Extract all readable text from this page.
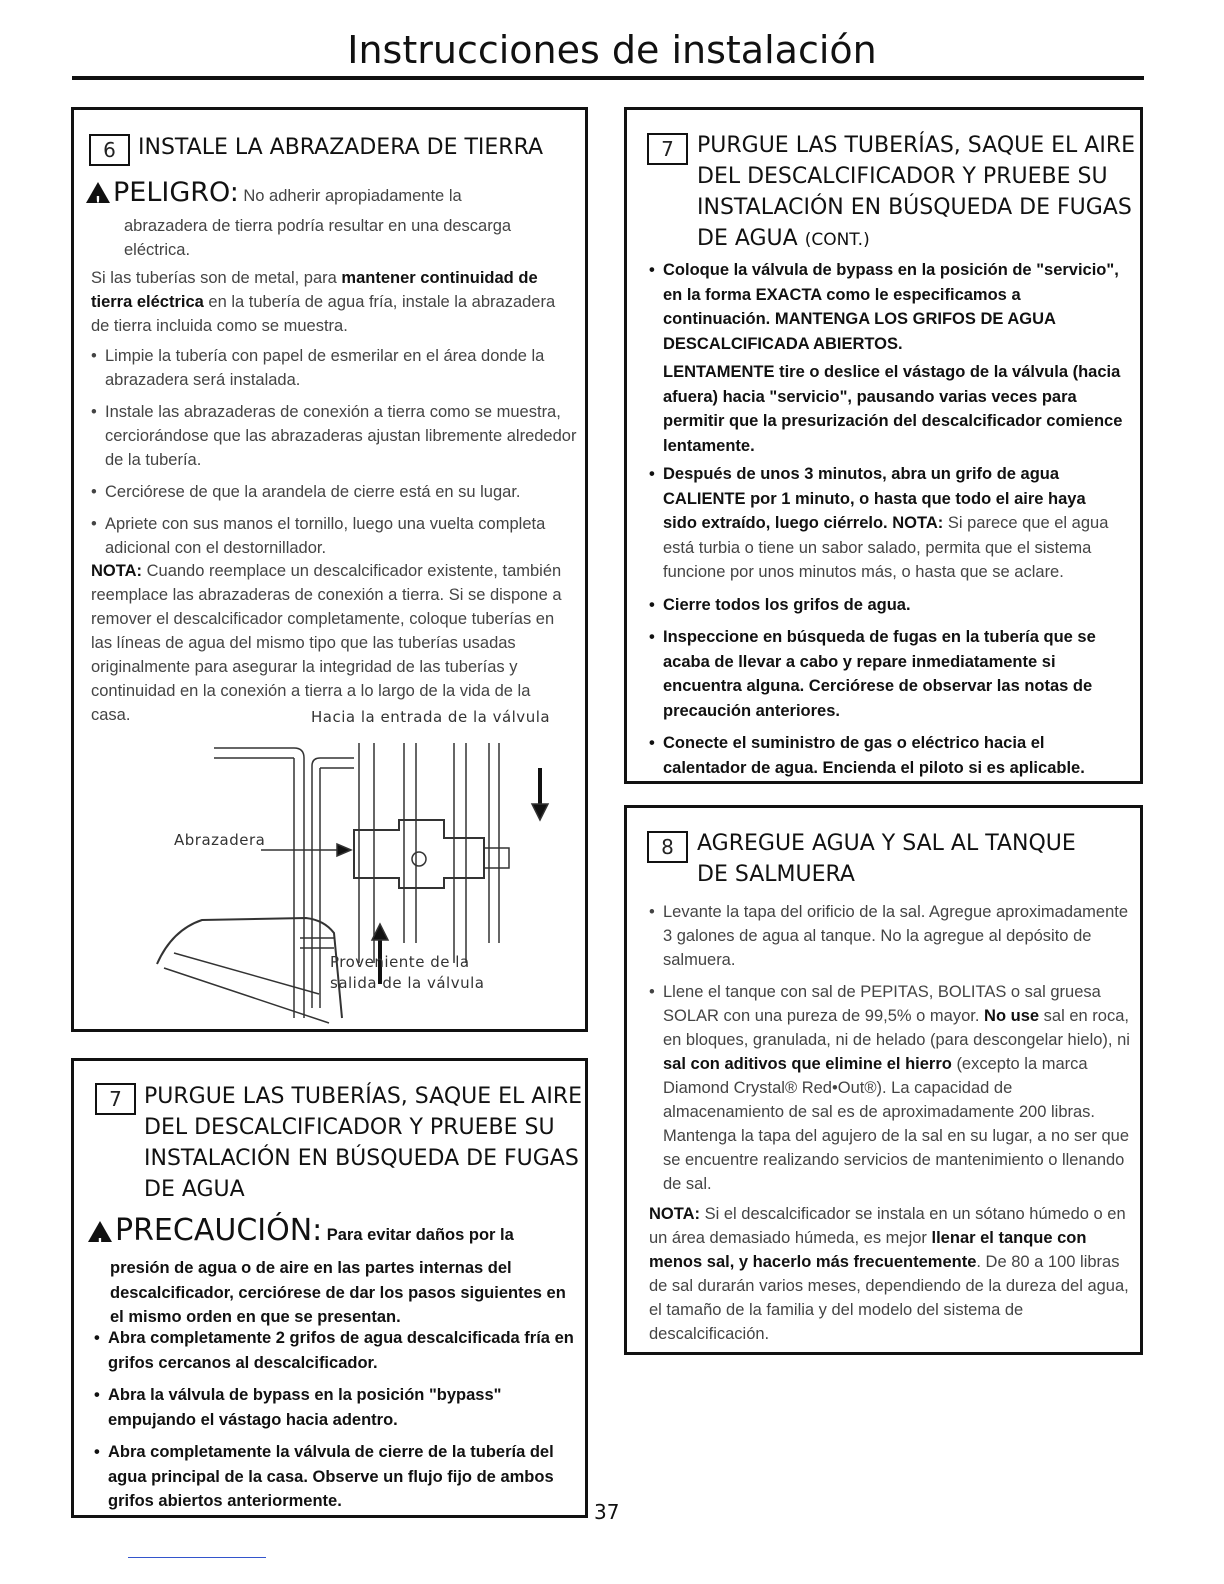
Instrucciones de instalación
6	INSTALE LA ABRAZADERA DE TIERRA
!PELIGRO: No adherir apropiadamente la
abrazadera de tierra podría resultar en una descarga
eléctrica.

Si las tuberías son de metal, para mantener continuidad de tierra eléctrica en la tubería de agua fría, instale la abrazadera de tierra incluida como se muestra.

• Limpie la tubería con papel de esmerilar en el área donde la abrazadera será instalada.
• Instale las abrazaderas de conexión a tierra como se muestra, cerciorándose que las abrazaderas ajustan libremente alrededor de la tubería.
• Cerciórese de que la arandela de cierre está en su lugar.
• Apriete con sus manos el tornillo, luego una vuelta completa adicional con el destornillador.

NOTA: Cuando reemplace un descalcificador existente, también reemplace las abrazaderas de conexión a tierra. Si se dispone a remover el descalcificador completamente, coloque tuberías en las líneas de agua del mismo tipo que las tuberías usadas originalmente para asegurar la integridad de las tuberías y continuidad en la conexión a tierra a lo largo de la vida de la casa.	Hacia la entrada de la válvula
Abrazadera
Proveniente de la
salida de la válvula
7	PURGUE LAS TUBERÍAS, SAQUE EL AIRE
DEL DESCALCIFICADOR Y PRUEBE SU
INSTALACIÓN EN BÚSQUEDA DE FUGAS
DE AGUA
!PRECAUCIÓN: Para evitar daños por la
presión de agua o de aire en las partes internas del descalcificador, cerciórese de dar los pasos siguientes en el mismo orden en que se presentan.
• Abra completamente 2 grifos de agua descalcificada fría en grifos cercanos al descalcificador.
• Abra la válvula de bypass en la posición "bypass" empujando el vástago hacia adentro.
• Abra completamente la válvula de cierre de la tubería del agua principal de la casa. Observe un flujo fijo de ambos grifos abiertos anteriormente.
7	PURGUE LAS TUBERÍAS, SAQUE EL AIRE
DEL DESCALCIFICADOR Y PRUEBE SU
INSTALACIÓN EN BÚSQUEDA DE FUGAS
DE AGUA (CONT.)
• Coloque la válvula de bypass en la posición de "servicio", en la forma EXACTA como le especificamos a continuación. MANTENGA LOS GRIFOS DE AGUA DESCALCIFICADA ABIERTOS.
LENTAMENTE tire o deslice el vástago de la válvula (hacia afuera) hacia "servicio", pausando varias veces para permitir que la presurización del descalcificador comience lentamente.
• Después de unos 3 minutos, abra un grifo de agua CALIENTE por 1 minuto, o hasta que todo el aire haya sido extraído, luego ciérrelo. NOTA: Si parece que el agua está turbia o tiene un sabor salado, permita que el sistema funcione por unos minutos más, o hasta que se aclare.
• Cierre todos los grifos de agua.
• Inspeccione en búsqueda de fugas en la tubería que se acaba de llevar a cabo y repare inmediatamente si encuentra alguna. Cerciórese de observar las notas de precaución anteriores.
• Conecte el suministro de gas o eléctrico hacia el calentador de agua. Encienda el piloto si es aplicable.
8	AGREGUE AGUA Y SAL AL TANQUE
DE SALMUERA
• Levante la tapa del orificio de la sal. Agregue aproximadamente 3 galones de agua al tanque. No la agregue al depósito de salmuera.
• Llene el tanque con sal de PEPITAS, BOLITAS o sal gruesa SOLAR con una pureza de 99,5% o mayor. No use sal en roca, en bloques, granulada, ni de helado (para descongelar hielo), ni sal con aditivos que elimine el hierro (excepto la marca Diamond Crystal® Red•Out®). La capacidad de almacenamiento de sal es de aproximadamente 200 libras. Mantenga la tapa del agujero de la sal en su lugar, a no ser que se encuentre realizando servicios de mantenimiento o llenando de sal.

NOTA: Si el descalcificador se instala en un sótano húmedo o en un área demasiado húmeda, es mejor llenar el tanque con menos sal, y hacerlo más frecuentemente. De 80 a 100 libras de sal durarán varios meses, dependiendo de la dureza del agua, el tamaño de la familia y del modelo del sistema de descalcificación.

37
